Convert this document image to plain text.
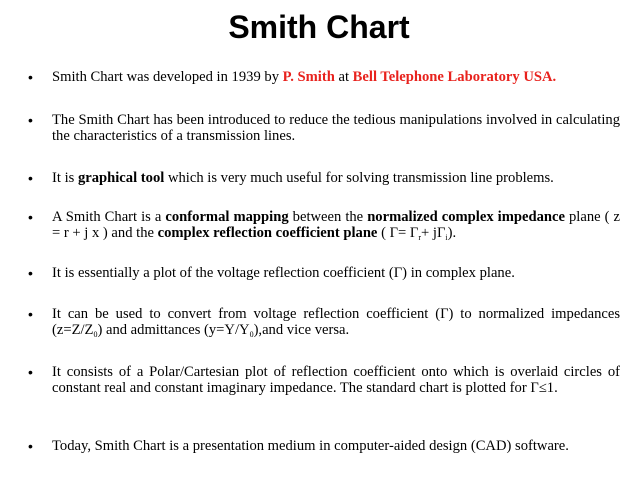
Smith Chart
• Smith Chart was developed in 1939 by P. Smith at Bell Telephone Laboratory USA.
• The Smith Chart has been introduced to reduce the tedious manipulations involved in calculating the characteristics of a transmission lines.
• It is graphical tool which is very much useful for solving transmission line problems.
• A Smith Chart is a conformal mapping between the normalized complex impedance plane ( z = r + j x ) and the complex reflection coefficient plane ( $\Gamma= \Gamma_r+ j\Gamma_i$).
• It is essentially a plot of the voltage reflection coefficient (Γ) in complex plane.
• It can be used to convert from voltage reflection coefficient (Γ) to normalized impedances $(z=Z/Z_0)$ and admittances $(y=Y/Y_0),and$ vice versa.
• It consists of a Polar/Cartesian plot of reflection coefficient onto which is overlaid circles of constant real and constant imaginary impedance. The standard chart is plotted for Γ≤1.
• Today, Smith Chart is a presentation medium in computer-aided design (CAD) software.
